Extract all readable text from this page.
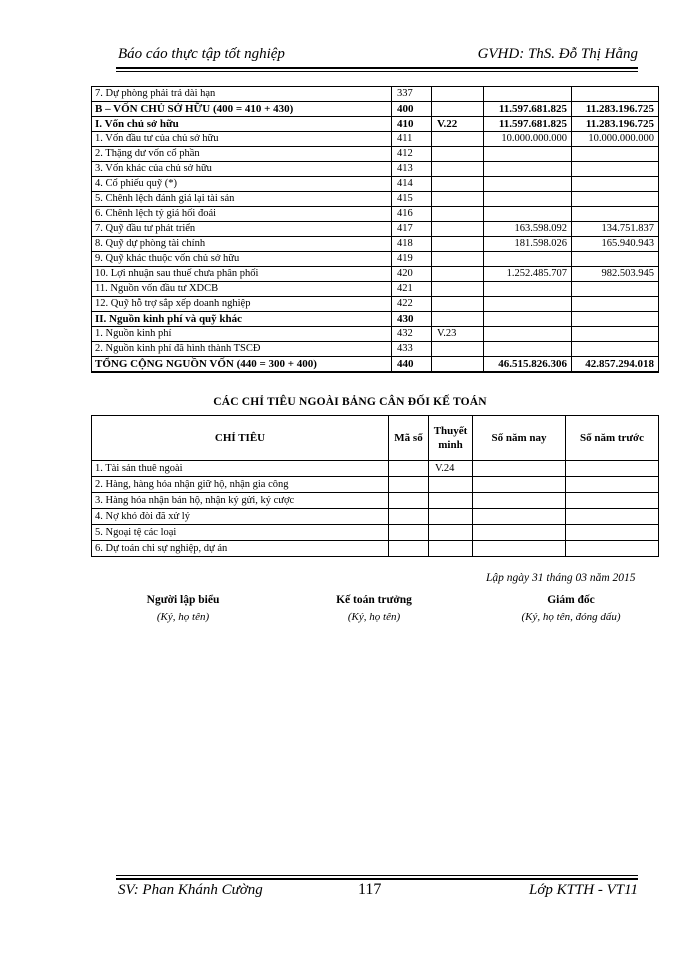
Báo cáo thực tập tốt nghiệp	GVHD: ThS. Đỗ Thị Hằng
7. Dự phòng phải trả dài hạn	337			
B – VỐN CHỦ SỞ HỮU (400 = 410 + 430)	400		11.597.681.825	11.283.196.725
I. Vốn chủ sở hữu	410	V.22	11.597.681.825	11.283.196.725
1. Vốn đầu tư của chủ sở hữu	411		10.000.000.000	10.000.000.000
2. Thặng dư vốn cổ phần	412			
3. Vốn khác của chủ sở hữu	413			
4. Cổ phiếu quỹ (*)	414			
5. Chênh lệch đánh giá lại tài sản	415			
6. Chênh lệch tỷ giá hối đoái	416			
7. Quỹ đầu tư phát triển	417		163.598.092	134.751.837
8. Quỹ dự phòng tài chính	418		181.598.026	165.940.943
9. Quỹ khác thuộc vốn chủ sở hữu	419			
10. Lợi nhuận sau thuế chưa phân phối	420		1.252.485.707	982.503.945
11. Nguồn vốn đầu tư XDCB	421			
12. Quỹ hỗ trợ sắp xếp doanh nghiệp	422			
II. Nguồn kinh phí và quỹ khác	430			
1. Nguồn kinh phí	432	V.23		
2. Nguồn kinh phí đã hình thành TSCĐ	433			
TỔNG CỘNG NGUỒN VỐN (440 = 300 + 400)	440		46.515.826.306	42.857.294.018
CÁC CHỈ TIÊU NGOÀI BẢNG CÂN ĐỐI KẾ TOÁN
CHỈ TIÊU	Mã số	Thuyết minh	Số năm nay	Số năm trước
1. Tài sản thuê ngoài		V.24		
2. Hàng, hàng hóa nhận giữ hộ, nhận gia công				
3. Hàng hóa nhận bán hộ, nhận ký gửi, ký cược				
4. Nợ khó đòi đã xử lý				
5. Ngoại tệ các loại				
6. Dự toán chi sự nghiệp, dự án				
Lập ngày 31 tháng 03 năm 2015
Người lập biểu
(Ký, họ tên)
Kế toán trưởng
(Ký, họ tên)
Giám đốc
(Ký, họ tên, đóng dấu)
SV: Phan Khánh Cường	117	Lớp KTTH - VT11
